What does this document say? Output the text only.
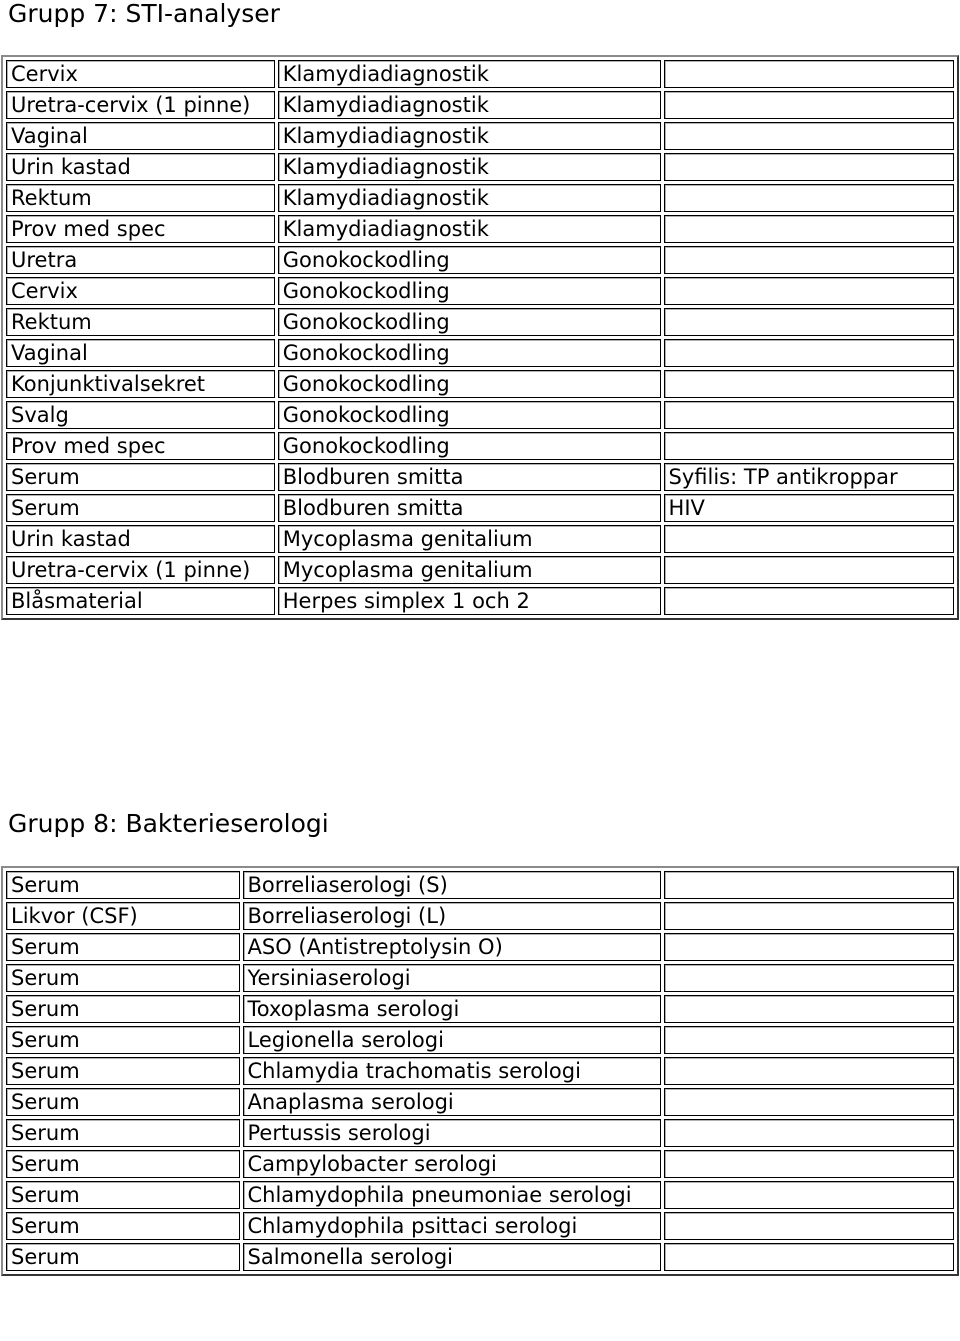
Grupp 7: STI-analyser
Cervix	Klamydiadiagnostik	
Uretra-cervix (1 pinne)	Klamydiadiagnostik	
Vaginal	Klamydiadiagnostik	
Urin kastad	Klamydiadiagnostik	
Rektum	Klamydiadiagnostik	
Prov med spec	Klamydiadiagnostik	
Uretra	Gonokockodling	
Cervix	Gonokockodling	
Rektum	Gonokockodling	
Vaginal	Gonokockodling	
Konjunktivalsekret	Gonokockodling	
Svalg	Gonokockodling	
Prov med spec	Gonokockodling	
Serum	Blodburen smitta	Syfilis: TP antikroppar
Serum	Blodburen smitta	HIV
Urin kastad	Mycoplasma genitalium	
Uretra-cervix (1 pinne)	Mycoplasma genitalium	
Blåsmaterial	Herpes simplex 1 och 2	
Grupp 8: Bakterieserologi
Serum	Borreliaserologi (S)	
Likvor (CSF)	Borreliaserologi (L)	
Serum	ASO (Antistreptolysin O)	
Serum	Yersiniaserologi	
Serum	Toxoplasma serologi	
Serum	Legionella serologi	
Serum	Chlamydia trachomatis serologi	
Serum	Anaplasma serologi	
Serum	Pertussis serologi	
Serum	Campylobacter serologi	
Serum	Chlamydophila pneumoniae serologi	
Serum	Chlamydophila psittaci serologi	
Serum	Salmonella serologi	
